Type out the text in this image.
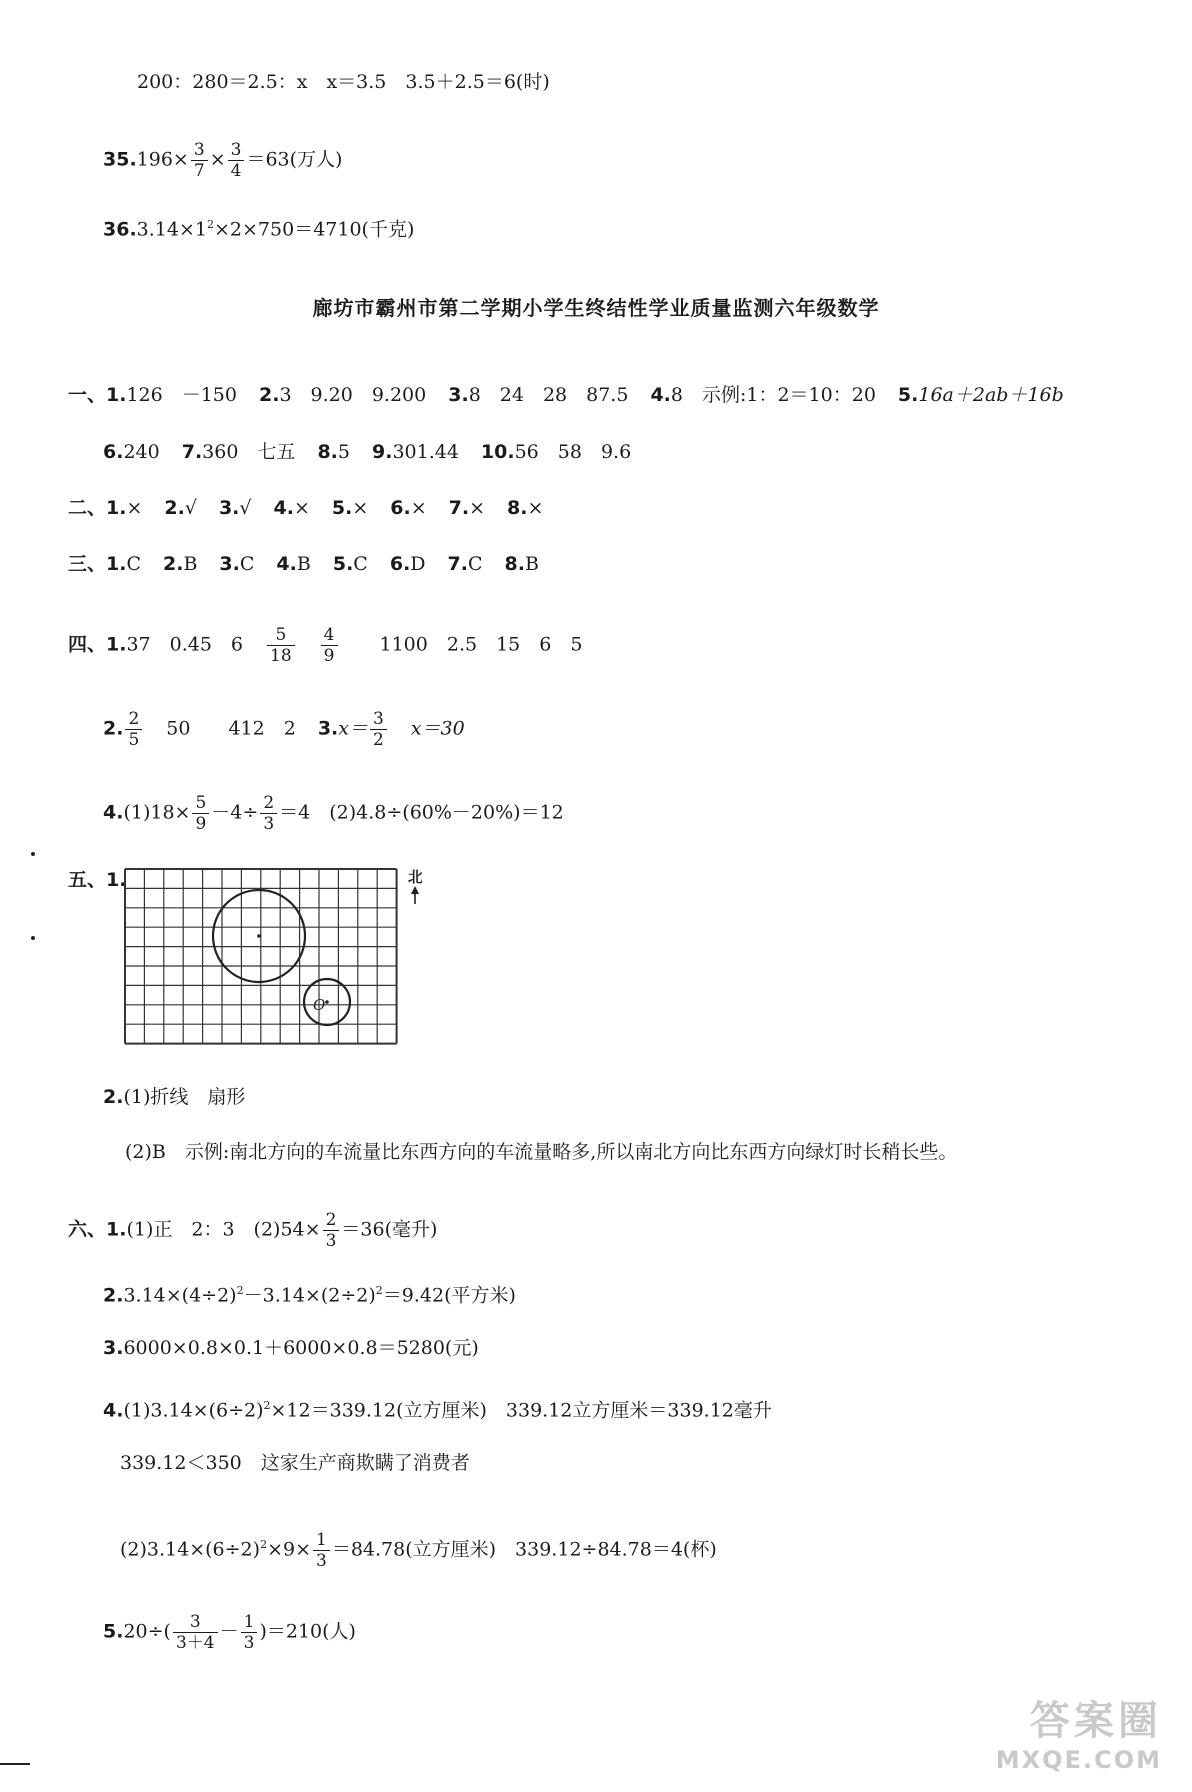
200：280＝2.5：x　x＝3.5　3.5＋2.5＝6(时)
$35.196\times \frac{3}{7} \times \frac{3}{4} =63$(万人)
$36.3.14\times 1^2\times 2\times 750=4710$(千克)
廊坊市霸州市第二学期小学生终结性学业质量监测六年级数学
一、1.126　－150 2.3　9.20　9.200 3.8　24　28　87.5 4.8　示例:1：2＝10：20 5.16a＋2ab＋16b
6.240 7.360　七五 8.5 9.301.44 10.56　58　9.6
二、1.× 2.√ 3.√ 4.× 5.× 6.× 7.× 8.×
三、1.C 2.B 3.C 4.B 5.C 6.D 7.C 8.B
四、1.37　0.45　$6 \frac{5}{18} \frac{4}{9} 1100$　2.5　15　6　5
2. $\frac{2}{5} 50$　　412　2 $3.x= \frac{3}{2} x=30$
$4.(1)18\times \frac{5}{9} -4\div \frac{2}{3} =4$　(2)4.8÷(60%－20%)＝12
五、1.
O
北
2.(1)折线　扇形
(2)B　示例:南北方向的车流量比东西方向的车流量略多,所以南北方向比东西方向绿灯时长稍长些。
六、1.(1)正　2：3　$(2)54\times \frac{2}{3} =36$(毫升)
$2.3.14\times(4\div 2)^2-3.14\times(2\div 2)^2=9.42$(平方米)
3.6000×0.8×0.1＋6000×0.8＝5280(元)
$4.(1)3.14\times(6\div 2)^2\times 12=339.12$(立方厘米)　339.12立方厘米＝339.12毫升
339.12＜350　这家生产商欺瞒了消费者
$(2)3.14\times(6\div 2)^2\times 9\times \frac{1}{3} =84.78$(立方厘米)　339.12÷84.78＝4(杯)
$5.20\div( \frac{3}{3+4} - \frac{1}{3} )=210$(人)
答案圈
MXQE.COM
